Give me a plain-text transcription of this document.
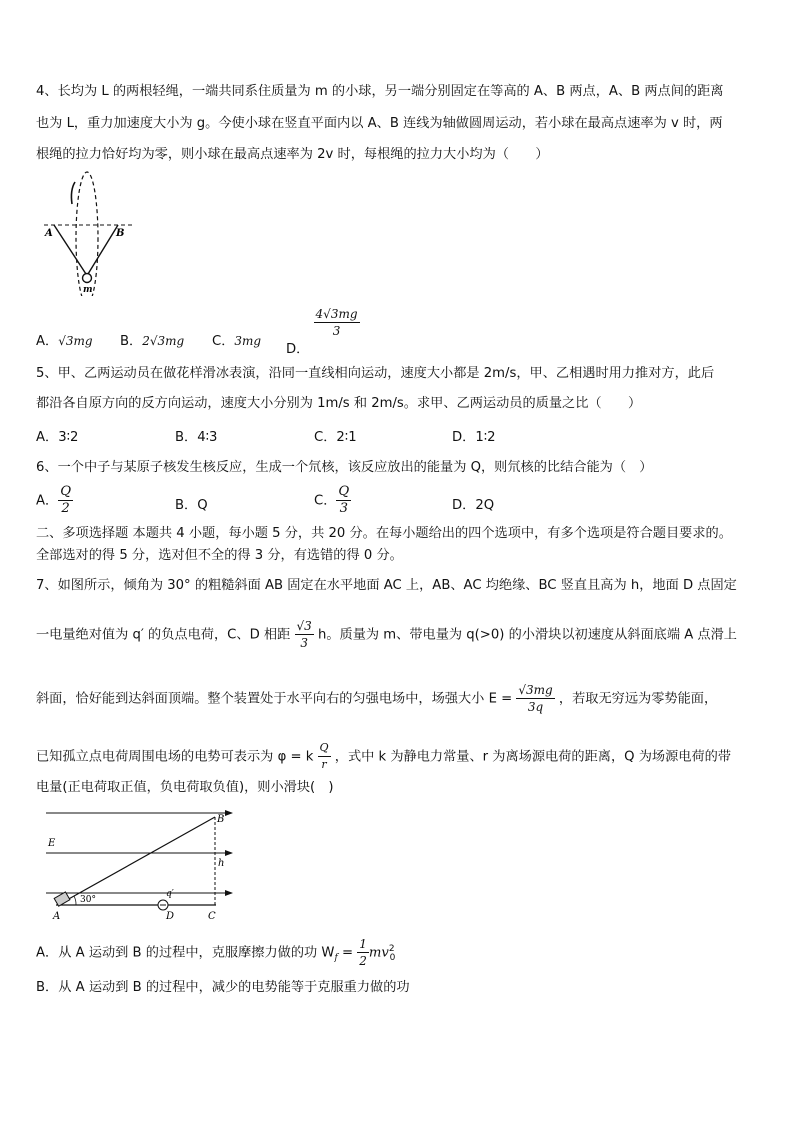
4、长均为 L 的两根轻绳，一端共同系住质量为 m 的小球，另一端分别固定在等高的 A、B 两点，A、B 两点间的距离
也为 L，重力加速度大小为 g。今使小球在竖直平面内以 A、B 连线为轴做圆周运动，若小球在最高点速率为 v 时，两
根绳的拉力恰好均为零，则小球在最高点速率为 2v 时，每根绳的拉力大小均为（　　）
A	B
m
A．√3mg B．2√3mg C．3mg
D．
$\frac{4√3mg}{3}$
5、甲、乙两运动员在做花样滑冰表演，沿同一直线相向运动，速度大小都是 2m/s，甲、乙相遇时用力推对方，此后
都沿各自原方向的反方向运动，速度大小分别为 1m/s 和 2m/s。求甲、乙两运动员的质量之比（　　）
A．3∶2	B．4∶3	C．2∶1	D．1∶2
6、一个中子与某原子核发生核反应，生成一个氘核，该反应放出的能量为 Q，则氘核的比结合能为（　）
A． $\frac{Q}{2}$	B．Q	C． $\frac{Q}{3}$	D．2Q
二、多项选择题 本题共 4 小题，每小题 5 分，共 20 分。在每小题给出的四个选项中，有多个选项是符合题目要求的。
全部选对的得 5 分，选对但不全的得 3 分，有选错的得 0 分。
7、如图所示，倾角为 30° 的粗糙斜面 AB 固定在水平地面 AC 上，AB、AC 均绝缘、BC 竖直且高为 h，地面 D 点固定
一电量绝对值为 q′ 的负点电荷，C、D 相距 $\frac{√3}{3}$ h。质量为 m、带电量为 q(>0) 的小滑块以初速度从斜面底端 A 点滑上
斜面，恰好能到达斜面顶端。整个装置处于水平向右的匀强电场中，场强大小 $E = \frac{√3mg}{3q}$ ，若取无穷远为零势能面，
已知孤立点电荷周围电场的电势可表示为 φ = k $\frac{Q}{r}$ ，式中 k 为静电力常量、r 为离场源电荷的距离，Q 为场源电荷的带
电量(正电荷取正值，负电荷取负值)，则小滑块(　)
E
30°
q′
A	D	C
B
h
A．从 A 运动到 B 的过程中，克服摩擦力做的功 $W_f = \frac{1}{2} mv^2_0$
B．从 A 运动到 B 的过程中，减少的电势能等于克服重力做的功
